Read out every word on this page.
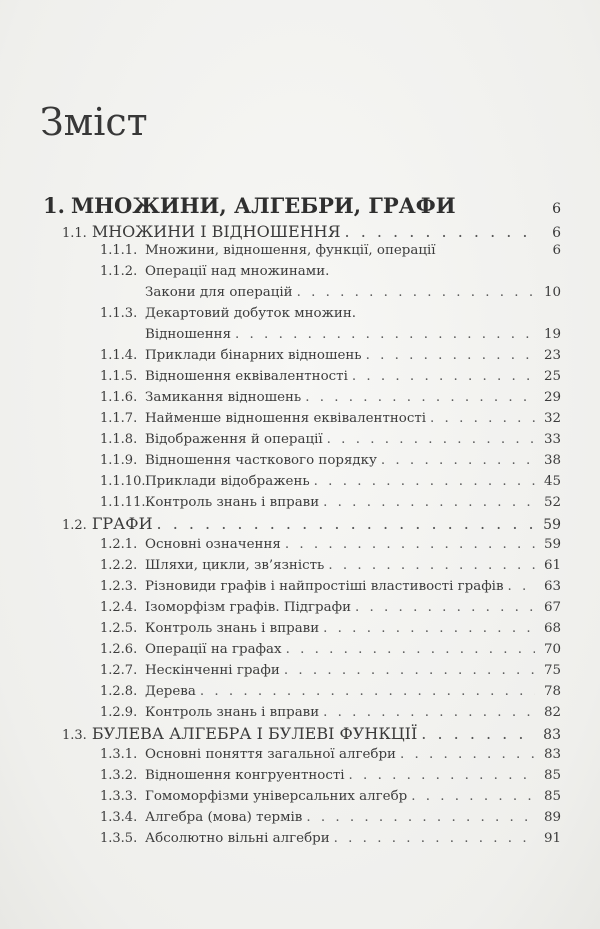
Зміст
1. МНОЖИНИ, АЛГЕБРИ, ГРАФИ	6
1.1. МНОЖИНИ І ВІДНОШЕННЯ . . .	6
1.1.1. Множини, відношення, функції, операції	6
1.1.2. Операції над множинами.
Закони для операцій . . .	10
1.1.3. Декартовий добуток множин.
Відношення . . .	19
1.1.4. Приклади бінарних відношень . . .	23
1.1.5. Відношення еквівалентності . . .	25
1.1.6. Замикання відношень . . .	29
1.1.7. Найменше відношення еквівалентності . . .	32
1.1.8. Відображення й операції . . .	33
1.1.9. Відношення часткового порядку . . .	38
1.1.10. Приклади відображень . . .	45
1.1.11. Контроль знань і вправи . . .	52
1.2. ГРАФИ . . .	59
1.2.1. Основні означення . . .	59
1.2.2. Шляхи, цикли, зв’язність . . .	61
1.2.3. Різновиди графів і найпростіші властивості графів . . .	63
1.2.4. Ізоморфізм графів. Підграфи . . .	67
1.2.5. Контроль знань і вправи . . .	68
1.2.6. Операції на графах . . .	70
1.2.7. Нескінченні графи . . .	75
1.2.8. Дерева . . .	78
1.2.9. Контроль знань і вправи . . .	82
1.3. БУЛЕВА АЛГЕБРА І БУЛЕВІ ФУНКЦІЇ . . .	83
1.3.1. Основні поняття загальної алгебри . . .	83
1.3.2. Відношення конгруентності . . .	85
1.3.3. Гомоморфізми універсальних алгебр . . .	85
1.3.4. Алгебра (мова) термів . . .	89
1.3.5. Абсолютно вільні алгебри . . .	91
